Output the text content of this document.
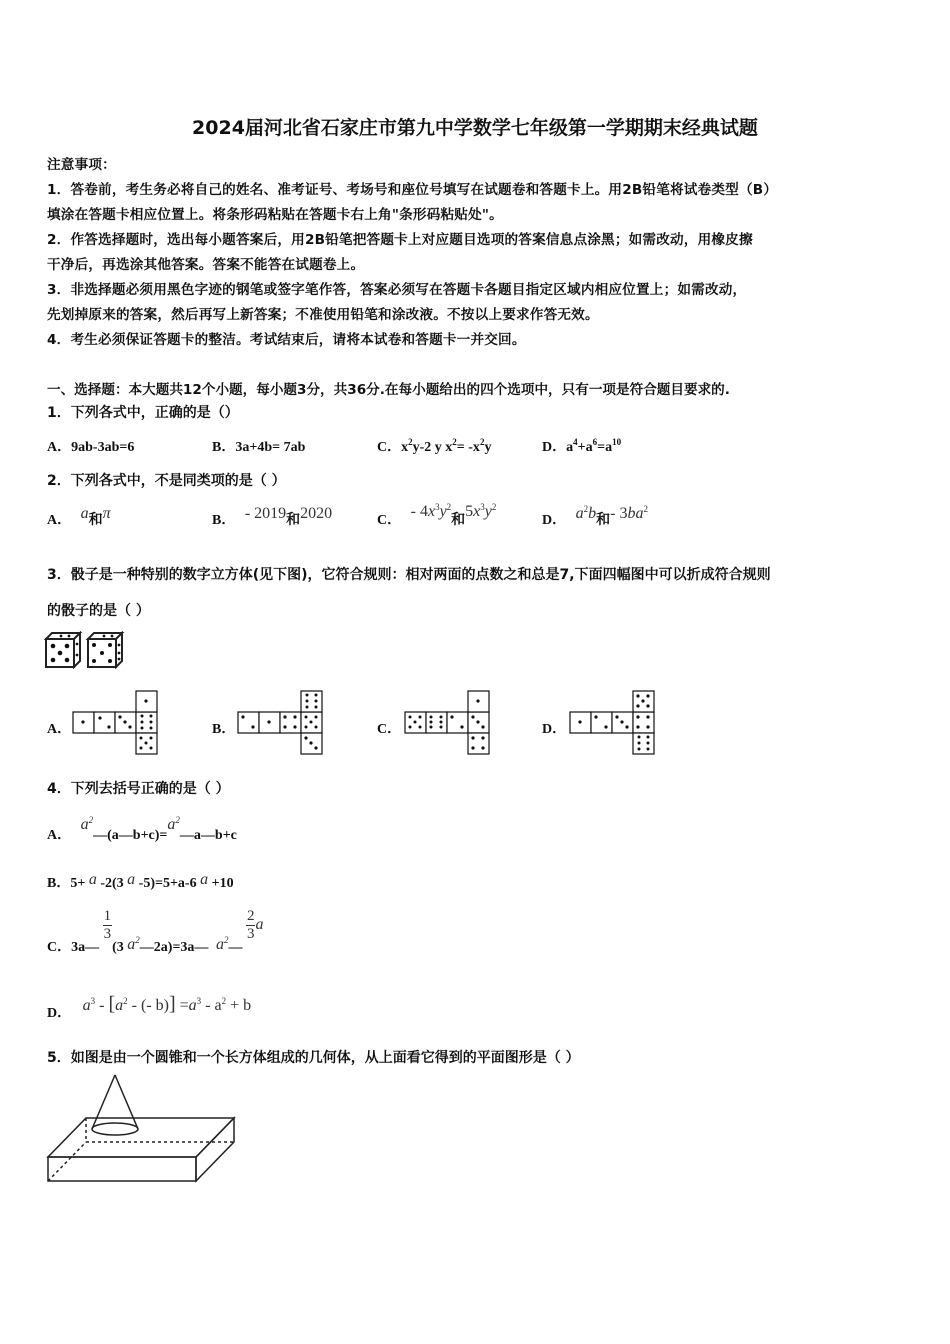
2024届河北省石家庄市第九中学数学七年级第一学期期末经典试题
注意事项：
1．答卷前，考生务必将自己的姓名、准考证号、考场号和座位号填写在试题卷和答题卡上。用2B铅笔将试卷类型（B）
填涂在答题卡相应位置上。将条形码粘贴在答题卡右上角"条形码粘贴处"。
2．作答选择题时，选出每小题答案后，用2B铅笔把答题卡上对应题目选项的答案信息点涂黑；如需改动，用橡皮擦
干净后，再选涂其他答案。答案不能答在试题卷上。
3．非选择题必须用黑色字迹的钢笔或签字笔作答，答案必须写在答题卡各题目指定区域内相应位置上；如需改动，
先划掉原来的答案，然后再写上新答案；不准使用铅笔和涂改液。不按以上要求作答无效。
4．考生必须保证答题卡的整洁。考试结束后，请将本试卷和答题卡一并交回。
一、选择题：本大题共12个小题，每小题3分，共36分.在每小题给出的四个选项中，只有一项是符合题目要求的.
1．下列各式中，正确的是（）
A．9ab-3ab=6	B．3a+4b= 7ab	C．$x^2y-2$ y $x^2= -x^2y$	D．$a^4+a^6=a^{10}$
2．下列各式中，不是同类项的是（ ）
A． a和π	B． - 2019和2020	C． - $4x^3y^2$和$5x^3y^2$
D． $a^2b$和- $3ba^2$
3．骰子是一种特别的数字立方体(见下图)，它符合规则：相对两面的点数之和总是7,下面四幅图中可以折成符合规则
的骰子的是（ ）
A．	B．	C．	D．
4．下列去括号正确的是（ ）
A． $a^2—(a—b+c)=a^2—a—b+c$
B．5+ a -2(3 a -5)=5+a-6 a +10
C．3a—
$\frac{1}{3}$
(3 $a^2—2a)=3a—$ $a^2—$
$\frac{2}{3}$ a
D． $a^3 - [a^2$ - (- $b)] =a^3 - a^2 + b$
5．如图是由一个圆锥和一个长方体组成的几何体，从上面看它得到的平面图形是（ ）
